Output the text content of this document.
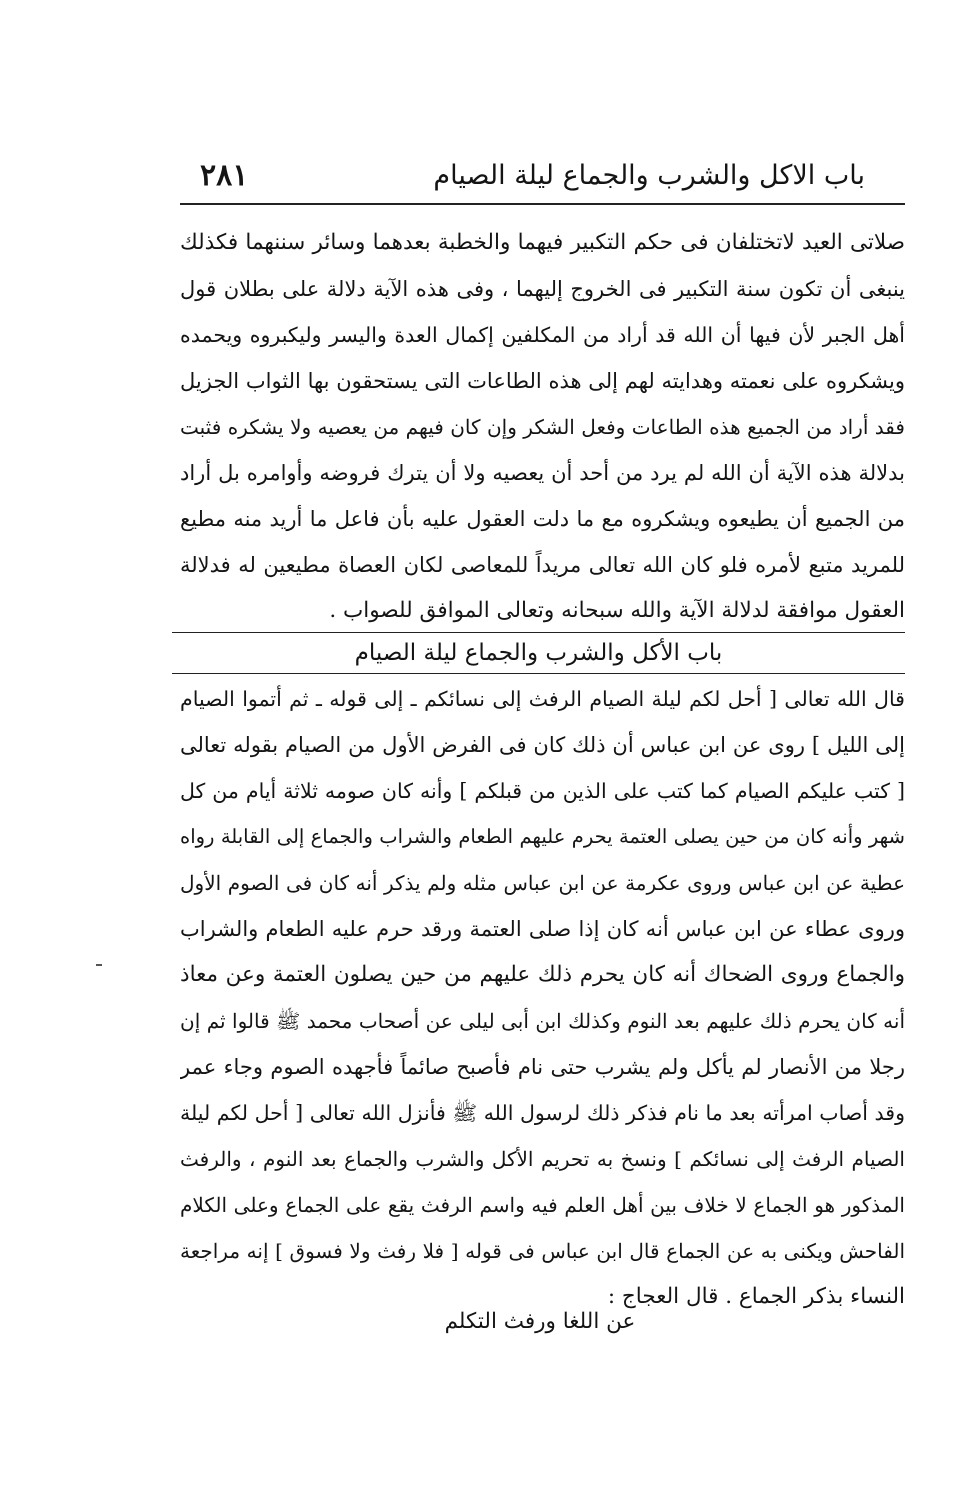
باب الاكل والشرب والجماع ليلة الصيام
٢٨١
صلاتى العيد لاتختلفان فى حكم التكبير فيهما والخطبة بعدهما وسائر سننهما فكذلك
ينبغى أن تكون سنة التكبير فى الخروج إليهما ، وفى هذه الآية دلالة على بطلان قول
أهل الجبر لأن فيها أن الله قد أراد من المكلفين إكمال العدة واليسر وليكبروه ويحمده
ويشكروه على نعمته وهدايته لهم إلى هذه الطاعات التى يستحقون بها الثواب الجزيل
فقد أراد من الجميع هذه الطاعات وفعل الشكر وإن كان فيهم من يعصيه ولا يشكره فثبت
بدلالة هذه الآية أن الله لم يرد من أحد أن يعصيه ولا أن يترك فروضه وأوامره بل أراد
من الجميع أن يطيعوه ويشكروه مع ما دلت العقول عليه بأن فاعل ما أريد منه مطيع
للمريد متبع لأمره فلو كان الله تعالى مريداً للمعاصى لكان العصاة مطيعين له فدلالة
العقول موافقة لدلالة الآية والله سبحانه وتعالى الموافق للصواب .
باب الأكل والشرب والجماع ليلة الصيام
قال الله تعالى [ أحل لكم ليلة الصيام الرفث إلى نسائكم ـ إلى قوله ـ ثم أتموا الصيام
إلى الليل ] روى عن ابن عباس أن ذلك كان فى الفرض الأول من الصيام بقوله تعالى
[ كتب عليكم الصيام كما كتب على الذين من قبلكم ] وأنه كان صومه ثلاثة أيام من كل
شهر وأنه كان من حين يصلى العتمة يحرم عليهم الطعام والشراب والجماع إلى القابلة رواه
عطية عن ابن عباس وروى عكرمة عن ابن عباس مثله ولم يذكر أنه كان فى الصوم الأول
وروى عطاء عن ابن عباس أنه كان إذا صلى العتمة ورقد حرم عليه الطعام والشراب
والجماع وروى الضحاك أنه كان يحرم ذلك عليهم من حين يصلون العتمة وعن معاذ
أنه كان يحرم ذلك عليهم بعد النوم وكذلك ابن أبى ليلى عن أصحاب محمد ﷺ قالوا ثم إن
رجلا من الأنصار لم يأكل ولم يشرب حتى نام فأصبح صائماً فأجهده الصوم وجاء عمر
وقد أصاب امرأته بعد ما نام فذكر ذلك لرسول الله ﷺ فأنزل الله تعالى [ أحل لكم ليلة
الصيام الرفث إلى نسائكم ] ونسخ به تحريم الأكل والشرب والجماع بعد النوم ، والرفث
المذكور هو الجماع لا خلاف بين أهل العلم فيه واسم الرفث يقع على الجماع وعلى الكلام
الفاحش ويكنى به عن الجماع قال ابن عباس فى قوله [ فلا رفث ولا فسوق ] إنه مراجعة
النساء بذكر الجماع . قال العجاج :
عن اللغا ورفث التكلم
